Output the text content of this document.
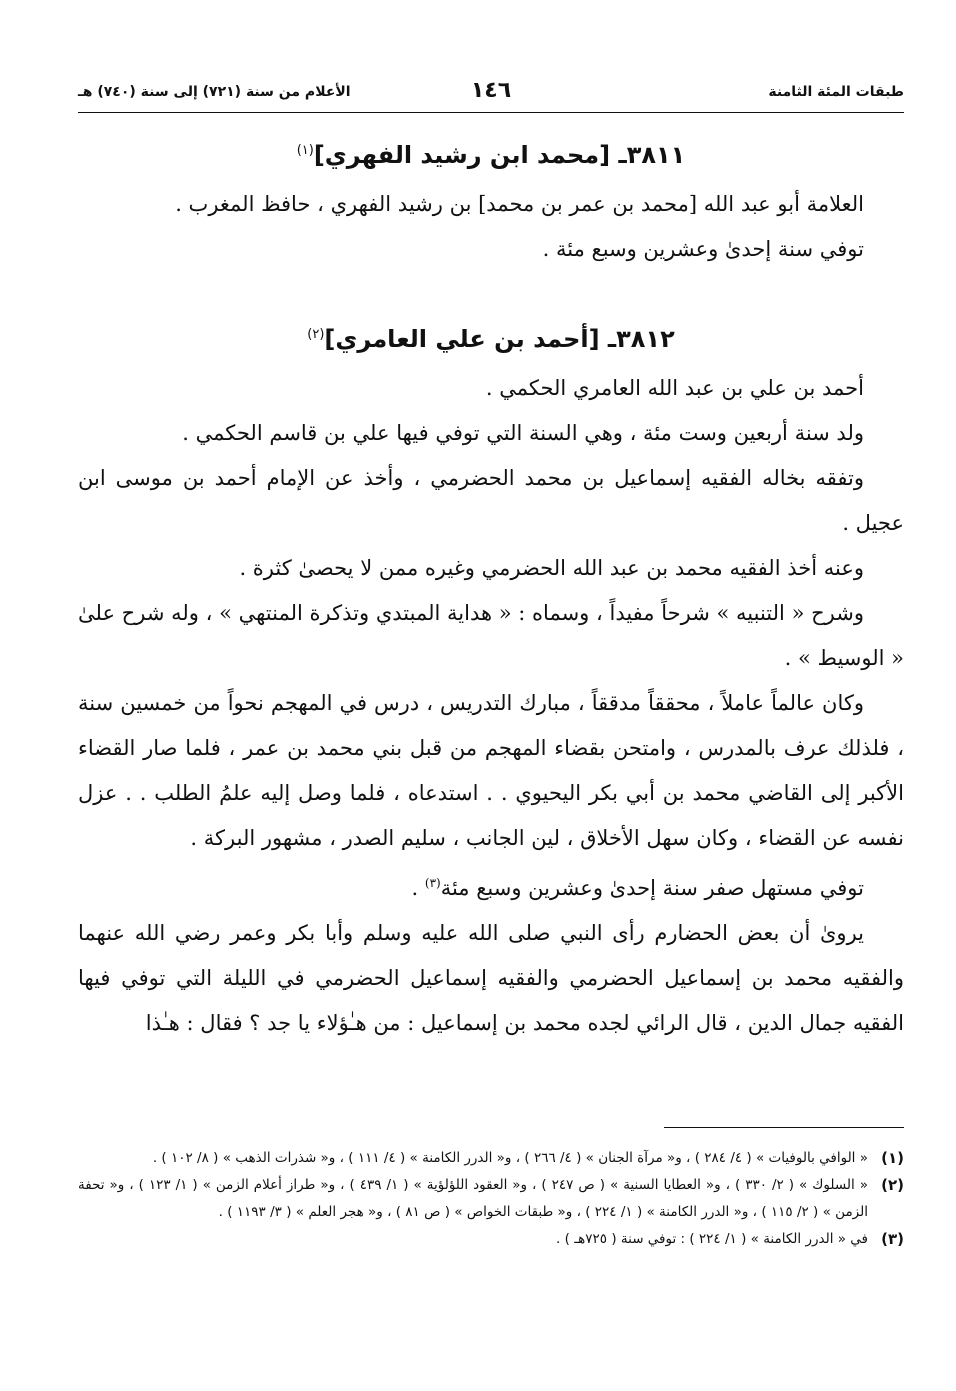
طبقات المئة الثامنة
١٤٦
الأعلام من سنة (٧٢١) إلى سنة (٧٤٠) هـ
٣٨١١ـ [محمد ابن رشيد الفهري]$^{(١)}$

العلامة أبو عبد الله [محمد بن عمر بن محمد] بن رشيد الفهري ، حافظ المغرب .

توفي سنة إحدىٰ وعشرين وسبع مئة .

٣٨١٢ـ [أحمد بن علي العامري]$^{(٢)}$

أحمد بن علي بن عبد الله العامري الحكمي .

ولد سنة أربعين وست مئة ، وهي السنة التي توفي فيها علي بن قاسم الحكمي .

وتفقه بخاله الفقيه إسماعيل بن محمد الحضرمي ، وأخذ عن الإمام أحمد بن موسى ابن عجيل .

وعنه أخذ الفقيه محمد بن عبد الله الحضرمي وغيره ممن لا يحصىٰ كثرة .

وشرح « التنبيه » شرحاً مفيداً ، وسماه : « هداية المبتدي وتذكرة المنتهي » ، وله شرح علىٰ « الوسيط » .

وكان عالماً عاملاً ، محققاً مدققاً ، مبارك التدريس ، درس في المهجم نحواً من خمسين سنة ، فلذلك عرف بالمدرس ، وامتحن بقضاء المهجم من قبل بني محمد بن عمر ، فلما صار القضاء الأكبر إلى القاضي محمد بن أبي بكر اليحيوي . . استدعاه ، فلما وصل إليه علمُ الطلب . . عزل نفسه عن القضاء ، وكان سهل الأخلاق ، لين الجانب ، سليم الصدر ، مشهور البركة .

توفي مستهل صفر سنة إحدىٰ وعشرين وسبع مئة$^{(٣)}$ .

يروىٰ أن بعض الحضارم رأى النبي صلى الله عليه وسلم وأبا بكر وعمر رضي الله عنهما والفقيه محمد بن إسماعيل الحضرمي والفقيه إسماعيل الحضرمي في الليلة التي توفي فيها الفقيه جمال الدين ، قال الرائي لجده محمد بن إسماعيل : من هـٰؤلاء يا جد ؟ فقال : هـٰذا

(١)
« الوافي بالوفيات » ( ٤/ ٢٨٤ ) ، و« مرآة الجنان » ( ٤/ ٢٦٦ ) ، و« الدرر الكامنة » ( ٤/ ١١١ ) ، و« شذرات الذهب » ( ٨/ ١٠٢ ) .
(٢)
« السلوك » ( ٢/ ٣٣٠ ) ، و« العطايا السنية » ( ص ٢٤٧ ) ، و« العقود اللؤلؤية » ( ١/ ٤٣٩ ) ، و« طراز أعلام الزمن » ( ١/ ١٢٣ ) ، و« تحفة الزمن » ( ٢/ ١١٥ ) ، و« الدرر الكامنة » ( ١/ ٢٢٤ ) ، و« طبقات الخواص » ( ص ٨١ ) ، و« هجر العلم » ( ٣/ ١١٩٣ ) .
(٣)
في « الدرر الكامنة » ( ١/ ٢٢٤ ) : توفي سنة ( ٧٢٥هـ ) .
